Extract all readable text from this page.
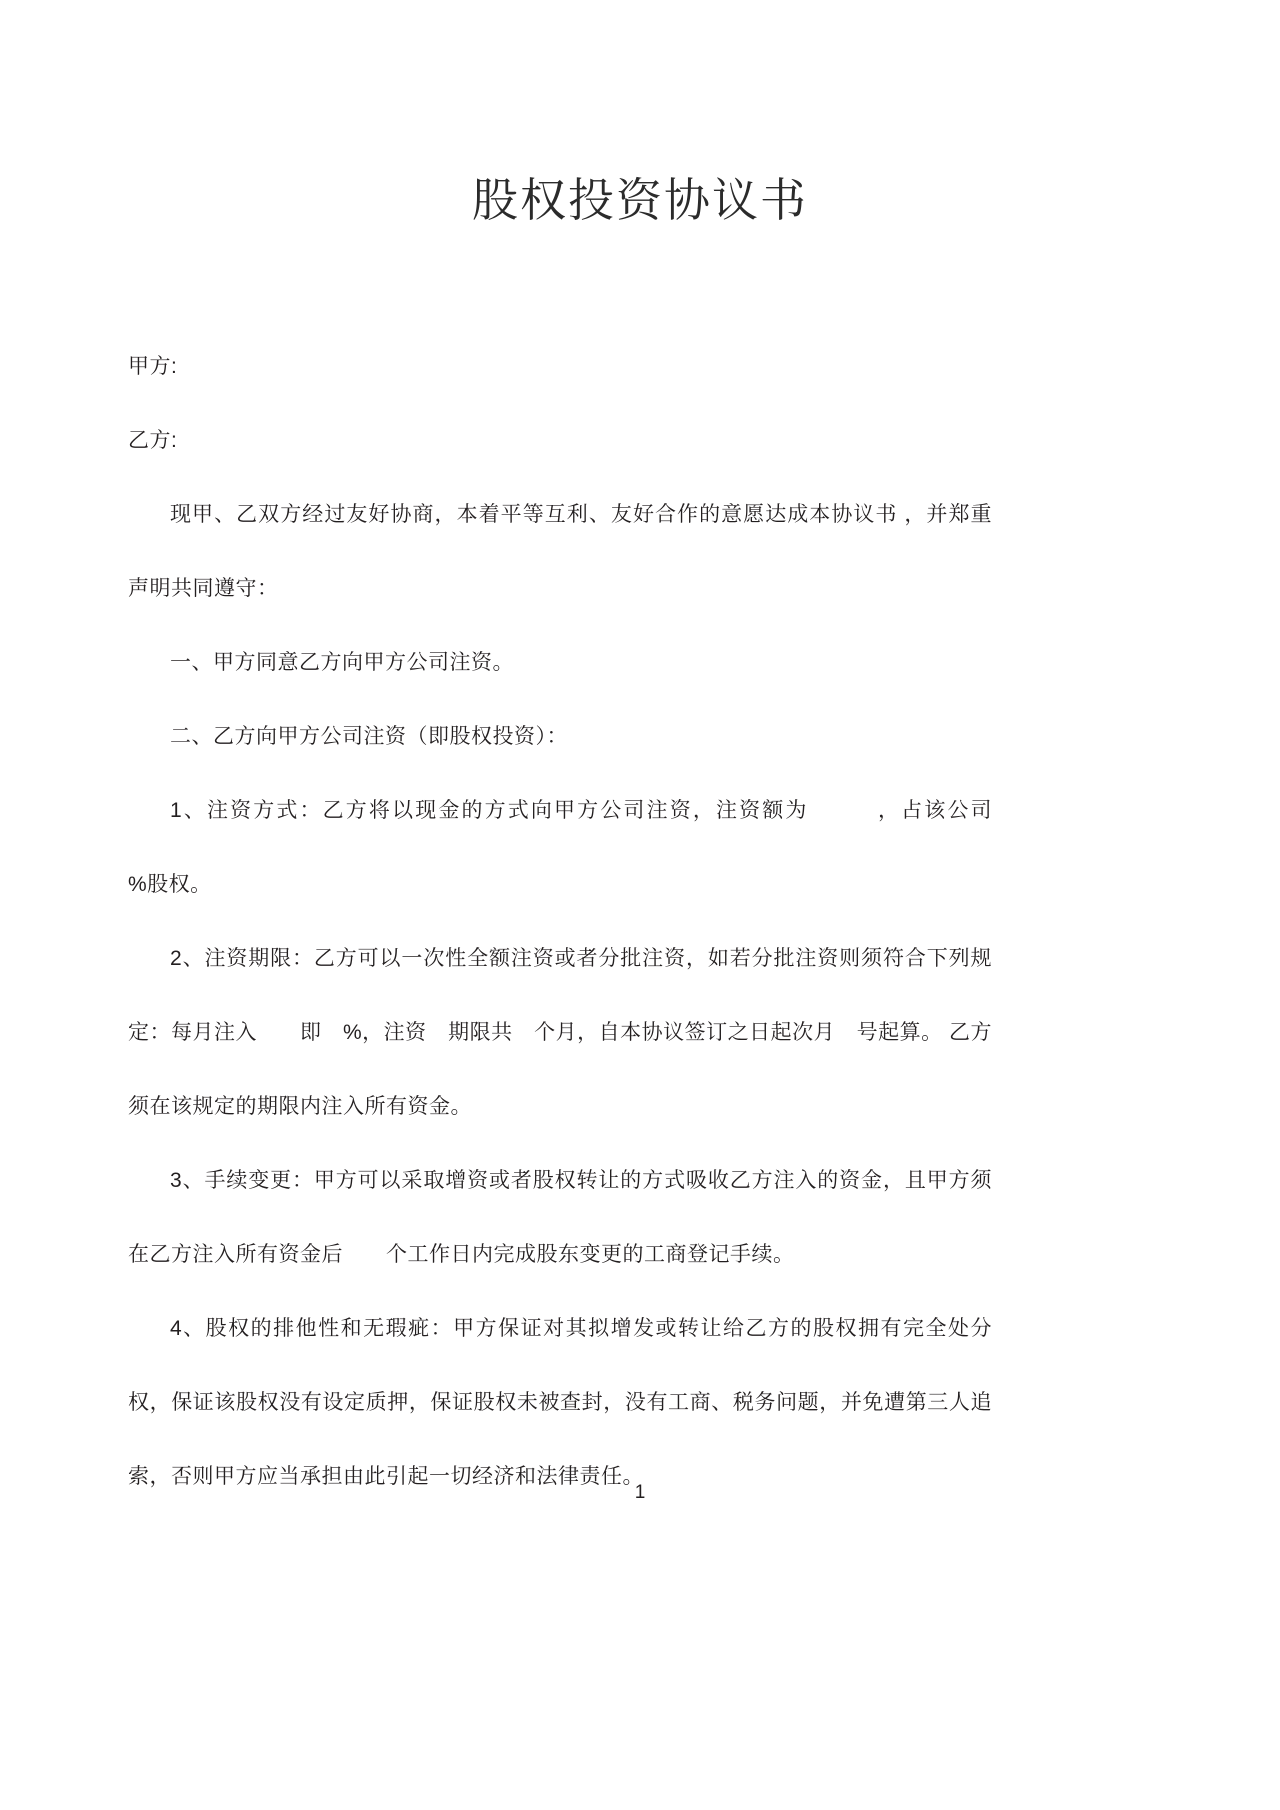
股权投资协议书

甲方:

乙方:

现甲、乙双方经过友好协商，本着平等互利、友好合作的意愿达成本协议书 ，并郑重声明共同遵守：

一、甲方同意乙方向甲方公司注资。

二、乙方向甲方公司注资（即股权投资）：

1、注资方式：乙方将以现金的方式向甲方公司注资，注资额为　　　，占该公司　　　%股权。

2、注资期限：乙方可以一次性全额注资或者分批注资，如若分批注资则须符合下列规定：每月注入　　即　%，注资　期限共　个月，自本协议签订之日起次月　号起算。 乙方须在该规定的期限内注入所有资金。

3、手续变更：甲方可以采取增资或者股权转让的方式吸收乙方注入的资金，且甲方须在乙方注入所有资金后　　个工作日内完成股东变更的工商登记手续。

4、股权的排他性和无瑕疵：甲方保证对其拟增发或转让给乙方的股权拥有完全处分权，保证该股权没有设定质押，保证股权未被查封，没有工商、税务问题，并免遭第三人追索，否则甲方应当承担由此引起一切经济和法律责任。

1
